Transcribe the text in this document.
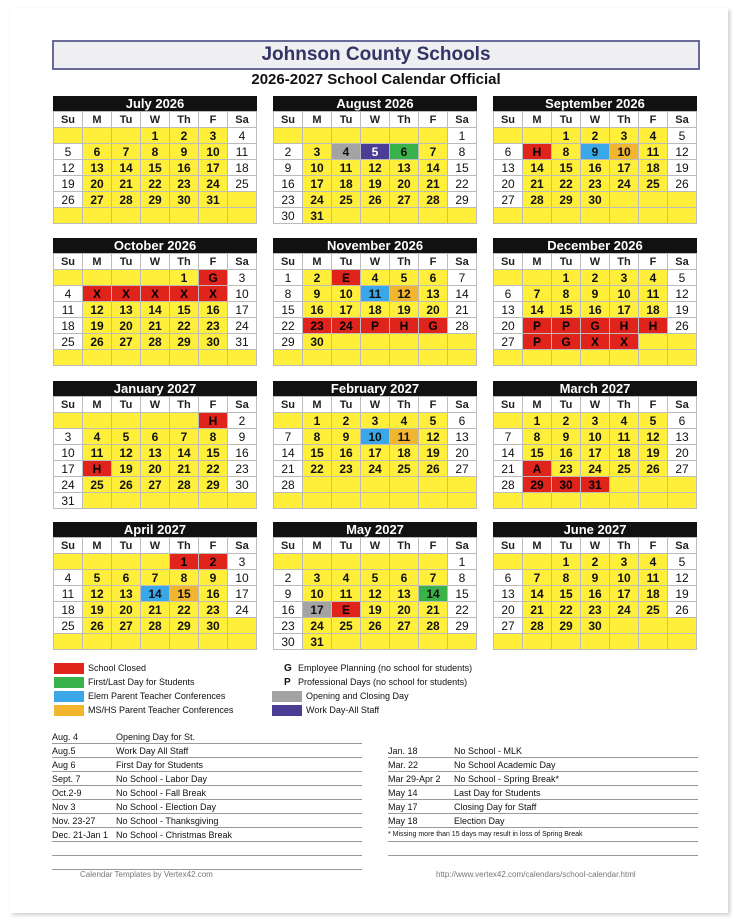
Johnson County Schools
2026-2027 School Calendar Official
July 2026
Su	M	Tu	W	Th	F	Sa
			1	2	3	4
5	6	7	8	9	10	11
12	13	14	15	16	17	18
19	20	21	22	23	24	25
26	27	28	29	30	31	

August 2026
Su	M	Tu	W	Th	F	Sa
						1
2	3	4	5	6	7	8
9	10	11	12	13	14	15
16	17	18	19	20	21	22
23	24	25	26	27	28	29
30	31					
September 2026
Su	M	Tu	W	Th	F	Sa
		1	2	3	4	5
6	H	8	9	10	11	12
13	14	15	16	17	18	19
20	21	22	23	24	25	26
27	28	29	30			

October 2026
Su	M	Tu	W	Th	F	Sa
				1	G	3
4	X	X	X	X	X	10
11	12	13	14	15	16	17
18	19	20	21	22	23	24
25	26	27	28	29	30	31

November 2026
Su	M	Tu	W	Th	F	Sa
1	2	E	4	5	6	7
8	9	10	11	12	13	14
15	16	17	18	19	20	21
22	23	24	P	H	G	28
29	30					

December 2026
Su	M	Tu	W	Th	F	Sa
		1	2	3	4	5
6	7	8	9	10	11	12
13	14	15	16	17	18	19
20	P	P	G	H	H	26
27	P	G	X	X		

January 2027
Su	M	Tu	W	Th	F	Sa
					H	2
3	4	5	6	7	8	9
10	11	12	13	14	15	16
17	H	19	20	21	22	23
24	25	26	27	28	29	30
31						
February 2027
Su	M	Tu	W	Th	F	Sa
	1	2	3	4	5	6
7	8	9	10	11	12	13
14	15	16	17	18	19	20
21	22	23	24	25	26	27
28						

March 2027
Su	M	Tu	W	Th	F	Sa
	1	2	3	4	5	6
7	8	9	10	11	12	13
14	15	16	17	18	19	20
21	A	23	24	25	26	27
28	29	30	31			

April 2027
Su	M	Tu	W	Th	F	Sa
				1	2	3
4	5	6	7	8	9	10
11	12	13	14	15	16	17
18	19	20	21	22	23	24
25	26	27	28	29	30	

May 2027
Su	M	Tu	W	Th	F	Sa
						1
2	3	4	5	6	7	8
9	10	11	12	13	14	15
16	17	E	19	20	21	22
23	24	25	26	27	28	29
30	31					
June 2027
Su	M	Tu	W	Th	F	Sa
		1	2	3	4	5
6	7	8	9	10	11	12
13	14	15	16	17	18	19
20	21	22	23	24	25	26
27	28	29	30			

School Closed
First/Last Day for Students
Elem Parent Teacher Conferences
MS/HS Parent Teacher Conferences
G Employee Planning (no school for students)
P Professional Days (no school for students)
Opening and Closing Day
Work Day-All Staff
Aug. 4	Opening Day for St.
Aug.5	Work Day All Staff
Aug 6	First Day for Students
Sept. 7	No School - Labor Day
Oct.2-9	No School - Fall Break
Nov 3	No School - Election Day
Nov. 23-27 No School - Thanksgiving
Dec. 21-Jan 1 No School - Christmas Break
Jan. 18	No School - MLK
Mar. 22	No School Academic Day
Mar 29-Apr 2 No School - Spring Break*
May 14	Last Day for Students
May 17	Closing Day for Staff
May 18	Election Day
* Missing more than 15 days may result in loss of Spring Break
Calendar Templates by Vertex42.com	http://www.vertex42.com/calendars/school-calendar.html
